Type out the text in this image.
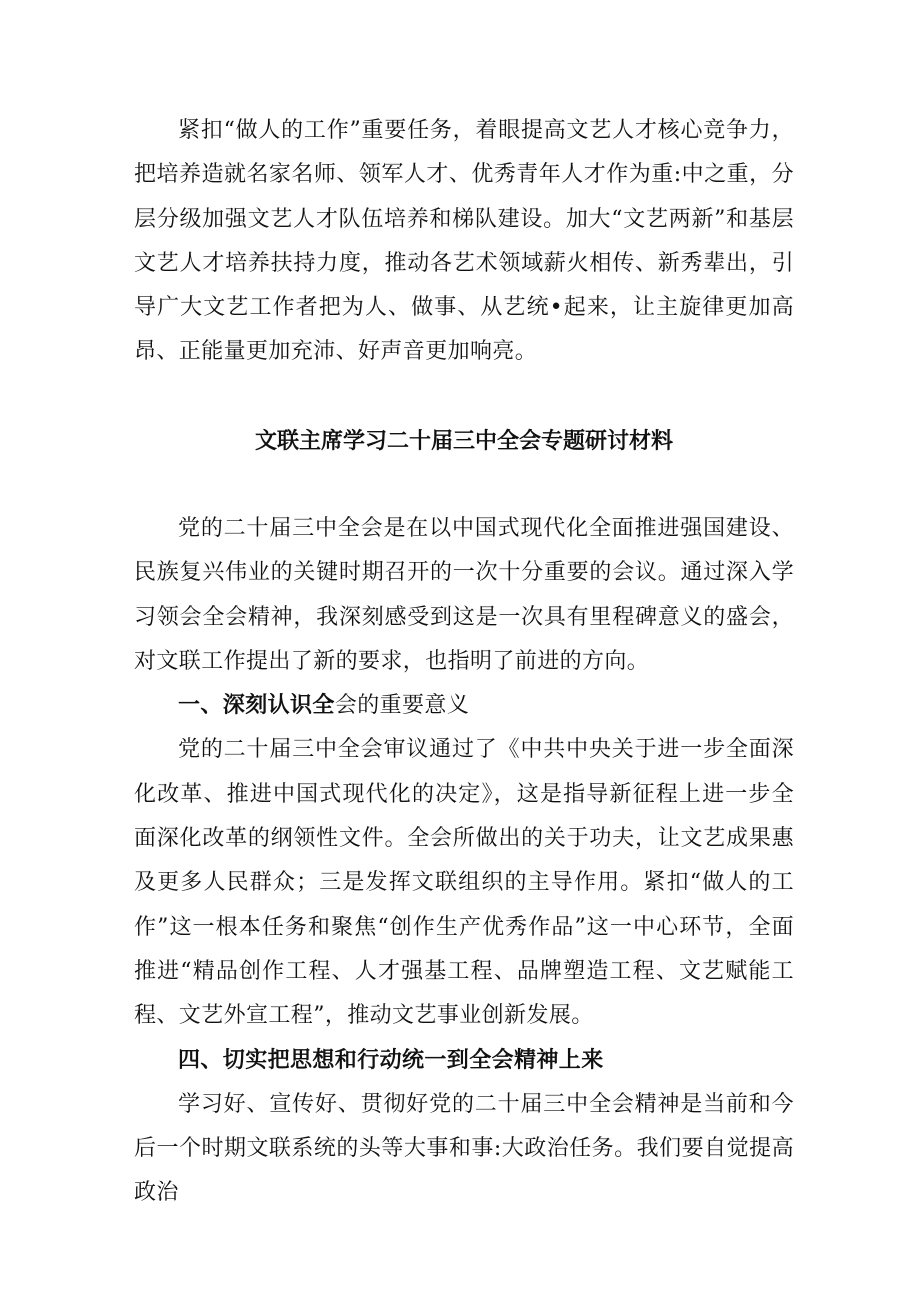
紧扣“做人的工作”重要任务，着眼提高文艺人才核心竞争力，把培养造就名家名师、领军人才、优秀青年人才作为重:中之重，分层分级加强文艺人才队伍培养和梯队建设。加大“文艺两新”和基层文艺人才培养扶持力度，推动各艺术领域薪火相传、新秀辈出，引导广大文艺工作者把为人、做事、从艺统•起来，让主旋律更加高昂、正能量更加充沛、好声音更加响亮。

文联主席学习二十届三中全会专题研讨材料

党的二十届三中全会是在以中国式现代化全面推进强国建设、民族复兴伟业的关键时期召开的一次十分重要的会议。通过深入学习领会全会精神，我深刻感受到这是一次具有里程碑意义的盛会，对文联工作提出了新的要求，也指明了前进的方向。

一、深刻认识全会的重要意义

党的二十届三中全会审议通过了《中共中央关于进一步全面深化改革、推进中国式现代化的决定》，这是指导新征程上进一步全面深化改革的纲领性文件。全会所做出的关于功夫，让文艺成果惠及更多人民群众；三是发挥文联组织的主导作用。紧扣“做人的工作”这一根本任务和聚焦“创作生产优秀作品”这一中心环节，全面推进“精品创作工程、人才强基工程、品牌塑造工程、文艺赋能工程、文艺外宣工程”，推动文艺事业创新发展。

四、切实把思想和行动统一到全会精神上来

学习好、宣传好、贯彻好党的二十届三中全会精神是当前和今后一个时期文联系统的头等大事和事:大政治任务。我们要自觉提高政治
